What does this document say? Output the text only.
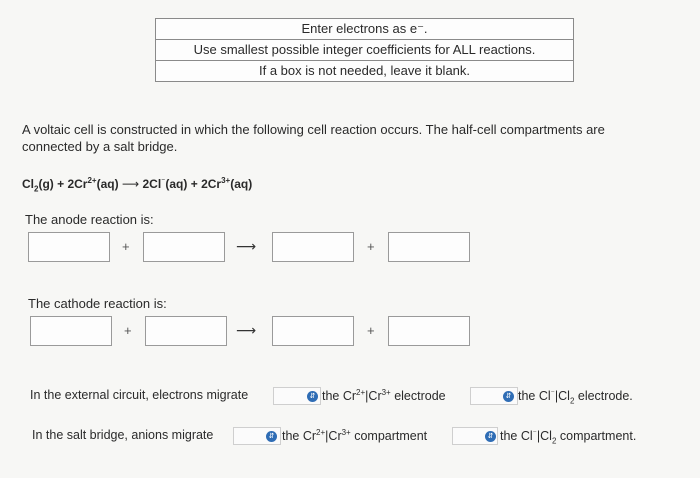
Enter electrons as e⁻.
Use smallest possible integer coefficients for ALL reactions.
If a box is not needed, leave it blank.
A voltaic cell is constructed in which the following cell reaction occurs. The half-cell compartments are connected by a salt bridge.
$Cl_2(g) + 2Cr^{2+}(aq)$ ⟶ $2Cl^{^-}(aq) + 2Cr^{3+}(aq)$
The anode reaction is:
+	⟶	+
The cathode reaction is:
+	⟶	+
In the external circuit, electrons migrate	⇵ the $Cr^{2+}|Cr^{3+}$ electrode	⇵ the $Cl^{^-}|Cl_2$ electrode.
In the salt bridge, anions migrate	⇵ the $Cr^{2+}|Cr^{3+}$ compartment	⇵ the $Cl^{^-}|Cl_2$ compartment.
